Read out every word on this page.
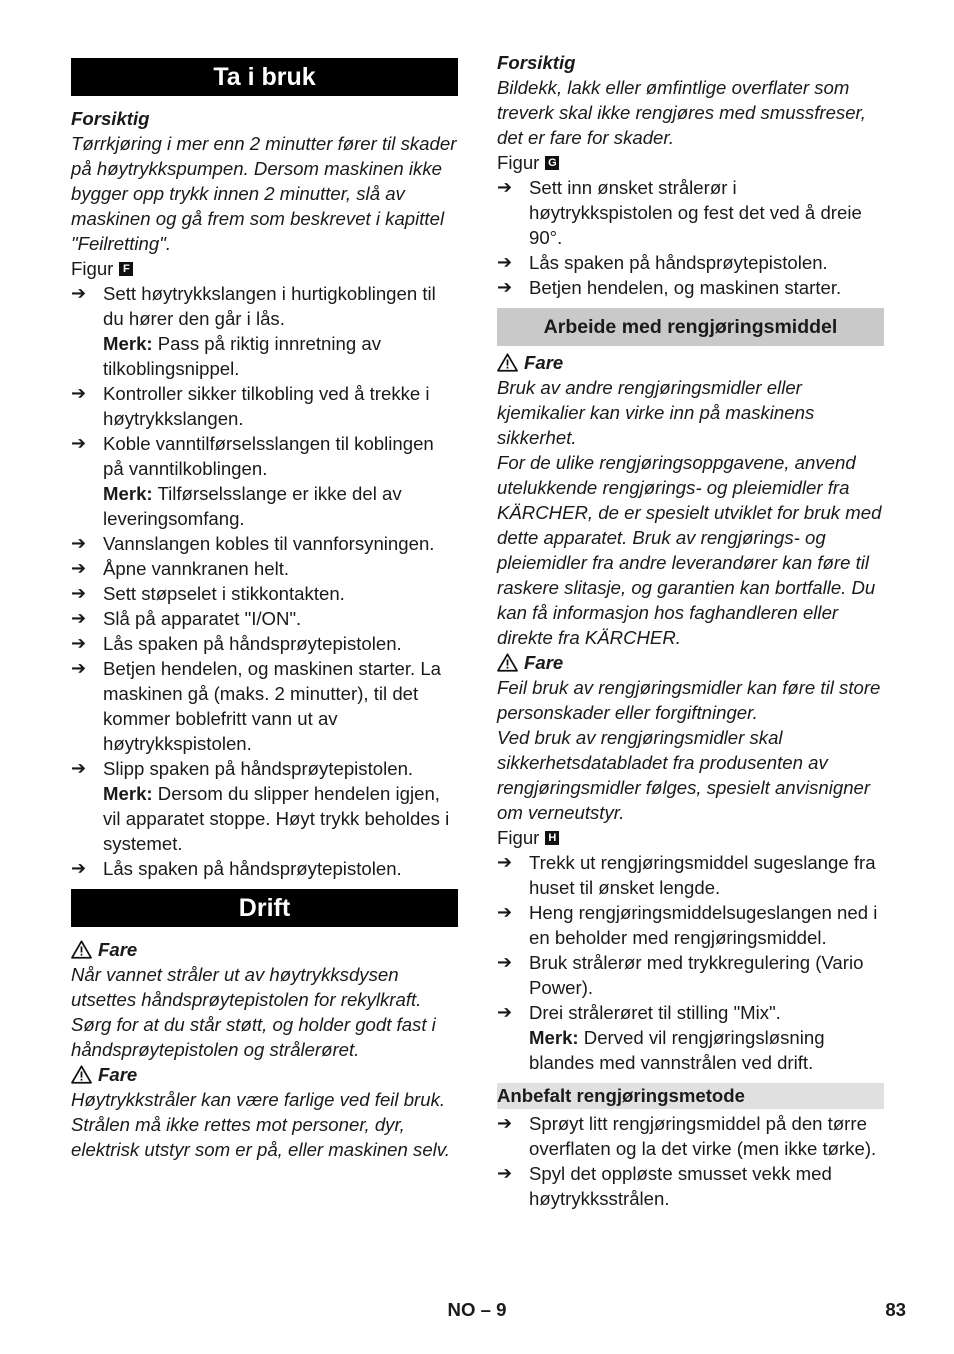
Ta i bruk

Forsiktig

Tørrkjøring i mer enn 2 minutter fører til skader på høytrykkspumpen. Dersom maskinen ikke bygger opp trykk innen 2 minutter, slå av maskinen og gå frem som beskrevet i kapittel "Feilretting".

Figur F
➔ Sett høytrykkslangen i hurtigkoblingen til du hører den går i lås.
Merk: Pass på riktig innretning av tilkoblingsnippel.
➔ Kontroller sikker tilkobling ved å trekke i høytrykkslangen.
➔ Koble vanntilførselsslangen til koblingen på vanntilkoblingen.
Merk: Tilførselsslange er ikke del av leveringsomfang.
➔ Vannslangen kobles til vannforsyningen.
➔ Åpne vannkranen helt.
➔ Sett støpselet i stikkontakten.
➔ Slå på apparatet "I/ON".
➔ Lås spaken på håndsprøytepistolen.
➔ Betjen hendelen, og maskinen starter. La maskinen gå (maks. 2 minutter), til det kommer boblefritt vann ut av høytrykkspistolen.
➔ Slipp spaken på håndsprøytepistolen.
Merk: Dersom du slipper hendelen igjen, vil apparatet stoppe. Høyt trykk beholdes i systemet.
➔ Lås spaken på håndsprøytepistolen.
Drift
Fare

Når vannet stråler ut av høytrykksdysen utsettes håndsprøytepistolen for rekylkraft. Sørg for at du står støtt, og holder godt fast i håndsprøytepistolen og strålerøret.

Fare

Høytrykkstråler kan være farlige ved feil bruk. Strålen må ikke rettes mot personer, dyr, elektrisk utstyr som er på, eller maskinen selv.

Forsiktig

Bildekk, lakk eller ømfintlige overflater som treverk skal ikke rengjøres med smussfreser, det er fare for skader.

Figur G
➔ Sett inn ønsket strålerør i høytrykkspistolen og fest det ved å dreie 90°.
➔ Lås spaken på håndsprøytepistolen.
➔ Betjen hendelen, og maskinen starter.
Arbeide med rengjøringsmiddel
Fare

Bruk av andre rengjøringsmidler eller kjemikalier kan virke inn på maskinens sikkerhet.

For de ulike rengjøringsoppgavene, anvend utelukkende rengjørings- og pleiemidler fra KÄRCHER, de er spesielt utviklet for bruk med dette apparatet. Bruk av rengjørings- og pleiemidler fra andre leverandører kan føre til raskere slitasje, og garantien kan bortfalle. Du kan få informasjon hos faghandleren eller direkte fra KÄRCHER.

Fare

Feil bruk av rengjøringsmidler kan føre til store personskader eller forgiftninger.

Ved bruk av rengjøringsmidler skal sikkerhetsdatabladet fra produsenten av rengjøringsmidler følges, spesielt anvisnigner om verneutstyr.

Figur H
➔ Trekk ut rengjøringsmiddel sugeslange fra huset til ønsket lengde.
➔ Heng rengjøringsmiddelsugeslangen ned i en beholder med rengjøringsmiddel.
➔ Bruk strålerør med trykkregulering (Vario Power).
➔ Drei strålerøret til stilling "Mix".
Merk: Derved vil rengjøringsløsning blandes med vannstrålen ved drift.
Anbefalt rengjøringsmetode
➔ Sprøyt litt rengjøringsmiddel på den tørre overflaten og la det virke (men ikke tørke).
➔ Spyl det oppløste smusset vekk med høytrykksstrålen.
NO – 9	83
